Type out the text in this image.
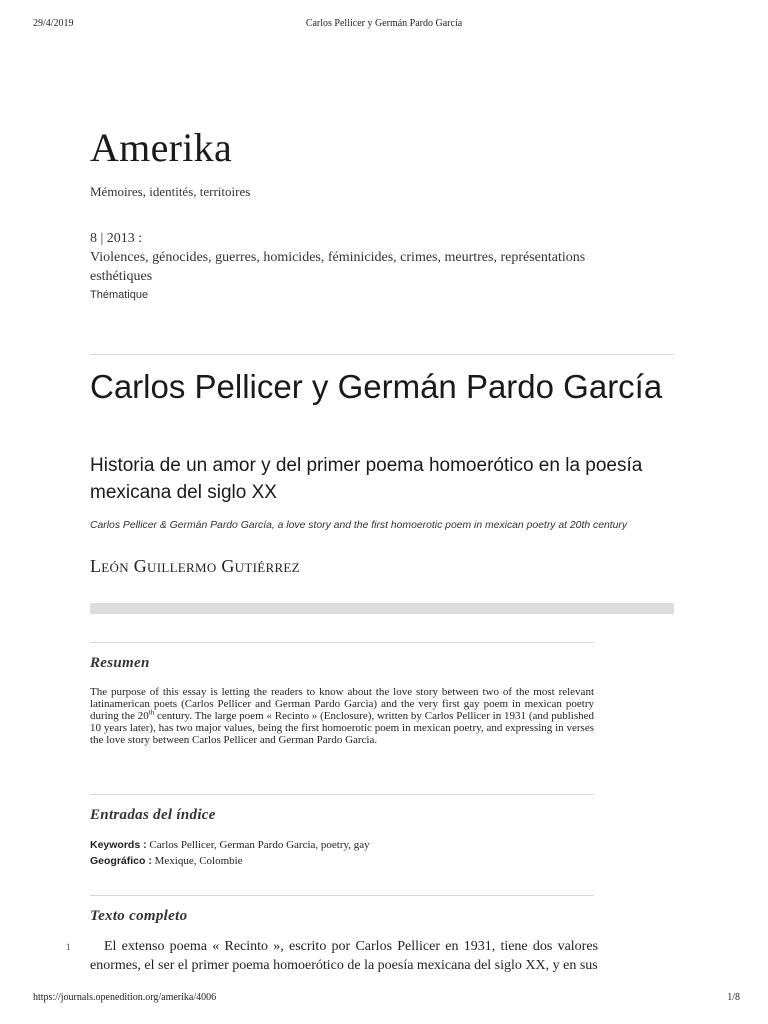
29/4/2019	Carlos Pellicer y Germán Pardo García
Amerika
Mémoires, identités, territoires
8 | 2013 :
Violences, génocides, guerres, homicides, féminicides, crimes, meurtres, représentations esthétiques
Thématique
Carlos Pellicer y Germán Pardo García
Historia de un amor y del primer poema homoerótico en la poesía mexicana del siglo XX
Carlos Pellicer & Germán Pardo García, a love story and the first homoerotic poem in mexican poetry at 20th century
León Guillermo Gutiérrez
Resumen
The purpose of this essay is letting the readers to know about the love story between two of the most relevant latinamerican poets (Carlos Pellicer and German Pardo Garcia) and the very first gay poem in mexican poetry during the 20th century. The large poem « Recinto » (Enclosure), written by Carlos Pellicer in 1931 (and published 10 years later), has two major values, being the first homoerotic poem in mexican poetry, and expressing in verses the love story between Carlos Pellicer and German Pardo Garcia.
Entradas del índice
Keywords : Carlos Pellicer, German Pardo Garcia, poetry, gay
Geográfico : Mexique, Colombie
Texto completo
1	El extenso poema « Recinto », escrito por Carlos Pellicer en 1931, tiene dos valores enormes, el ser el primer poema homoerótico de la poesía mexicana del siglo XX, y en sus
https://journals.openedition.org/amerika/4006	1/8
